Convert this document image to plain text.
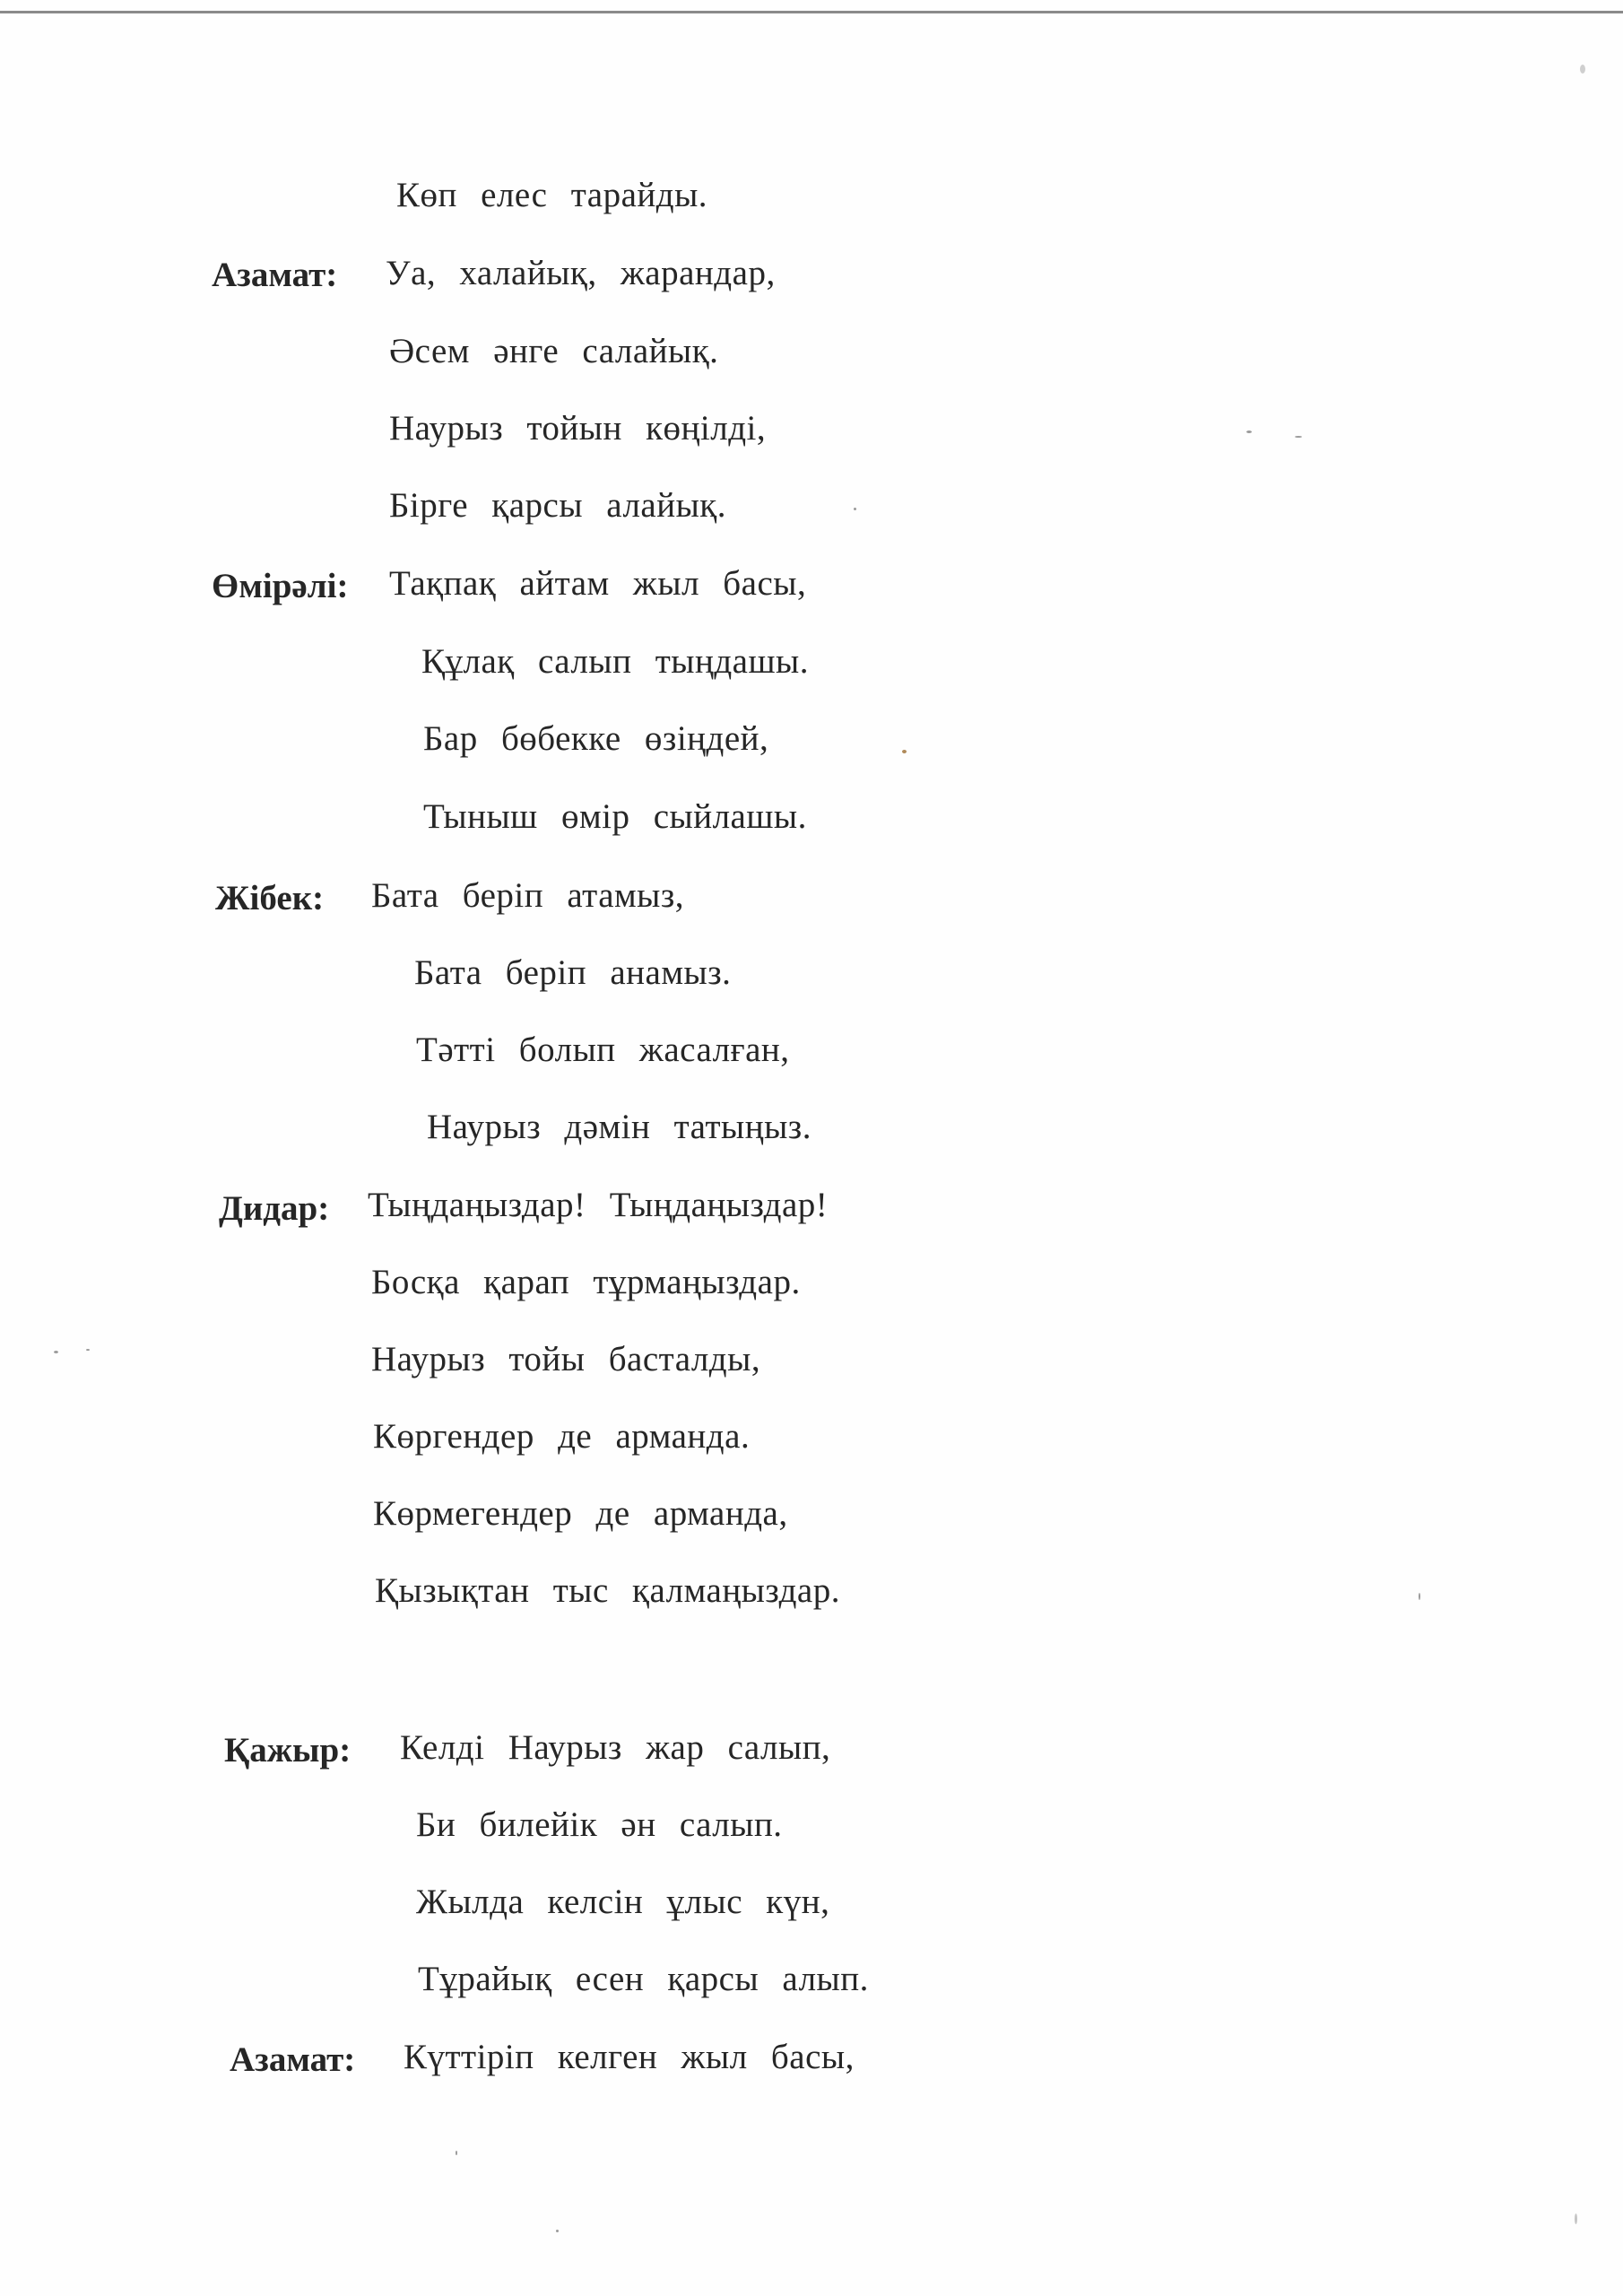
Көп елес тарайды.
Азамат: Уа, халайық, жарандар,
Әсем әнге салайық.
Наурыз тойын көңілді,
Бірге қарсы алайық.
Өмірәлі: Тақпақ айтам жыл басы,
Құлақ салып тыңдашы.
Бар бөбекке өзіңдей,
Тыныш өмір сыйлашы.
Жібек: Бата беріп атамыз,
Бата беріп анамыз.
Тәтті болып жасалған,
Наурыз дәмін татыңыз.
Дидар: Тыңдаңыздар! Тыңдаңыздар!
Босқа қарап тұрмаңыздар.
Наурыз тойы басталды,
Көргендер де арманда.
Көрмегендер де арманда,
Қызықтан тыс қалмаңыздар.
Қажыр: Келді Наурыз жар салып,
Би билейік ән салып.
Жылда келсін ұлыс күн,
Тұрайық есен қарсы алып.
Азамат: Күттіріп келген жыл басы,
